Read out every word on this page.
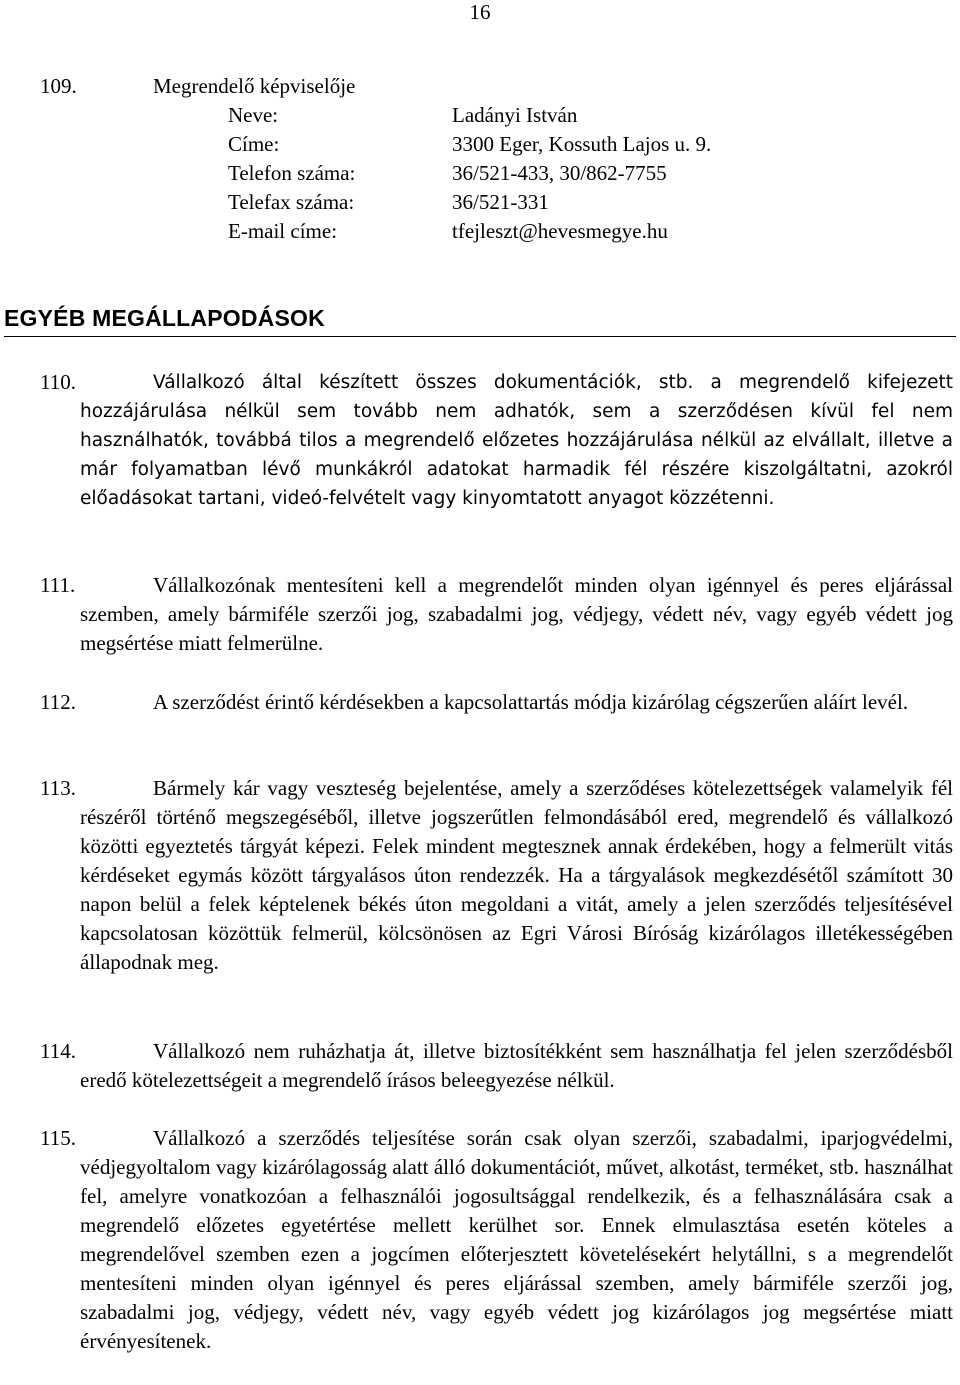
16
109.	Megrendelő képviselője
Neve:	Ladányi István
Címe:	3300 Eger, Kossuth Lajos u. 9.
Telefon száma:	36/521-433, 30/862-7755
Telefax száma:	36/521-331
E-mail címe:	tfejleszt@hevesmegye.hu
EGYÉB MEGÁLLAPODÁSOK
110.	Vállalkozó által készített összes dokumentációk, stb. a megrendelő kifejezett hozzájárulása nélkül sem tovább nem adhatók, sem a szerződésen kívül fel nem használhatók, továbbá tilos a megrendelő előzetes hozzájárulása nélkül az elvállalt, illetve a már folyamatban lévő munkákról adatokat harmadik fél részére kiszolgáltatni, azokról előadásokat tartani, videó-felvételt vagy kinyomtatott anyagot közzétenni.
111.	Vállalkozónak mentesíteni kell a megrendelőt minden olyan igénnyel és peres eljárással szemben, amely bármiféle szerzői jog, szabadalmi jog, védjegy, védett név, vagy egyéb védett jog megsértése miatt felmerülne.
112.	A szerződést érintő kérdésekben a kapcsolattartás módja kizárólag cégszerűen aláírt levél.
113.	Bármely kár vagy veszteség bejelentése, amely a szerződéses kötelezettségek valamelyik fél részéről történő megszegéséből, illetve jogszerűtlen felmondásából ered, megrendelő és vállalkozó közötti egyeztetés tárgyát képezi. Felek mindent megtesznek annak érdekében, hogy a felmerült vitás kérdéseket egymás között tárgyalásos úton rendezzék. Ha a tárgyalások megkezdésétől számított 30 napon belül a felek képtelenek békés úton megoldani a vitát, amely a jelen szerződés teljesítésével kapcsolatosan közöttük felmerül, kölcsönösen az Egri Városi Bíróság kizárólagos illetékességében állapodnak meg.
114.	Vállalkozó nem ruházhatja át, illetve biztosítékként sem használhatja fel jelen szerződésből eredő kötelezettségeit a megrendelő írásos beleegyezése nélkül.
115.	Vállalkozó a szerződés teljesítése során csak olyan szerzői, szabadalmi, iparjogvédelmi, védjegyoltalom vagy kizárólagosság alatt álló dokumentációt, művet, alkotást, terméket, stb. használhat fel, amelyre vonatkozóan a felhasználói jogosultsággal rendelkezik, és a felhasználására csak a megrendelő előzetes egyetértése mellett kerülhet sor. Ennek elmulasztása esetén köteles a megrendelővel szemben ezen a jogcímen előterjesztett követelésekért helytállni, s a megrendelőt mentesíteni minden olyan igénnyel és peres eljárással szemben, amely bármiféle szerzői jog, szabadalmi jog, védjegy, védett név, vagy egyéb védett jog kizárólagos jog megsértése miatt érvényesítenek.
